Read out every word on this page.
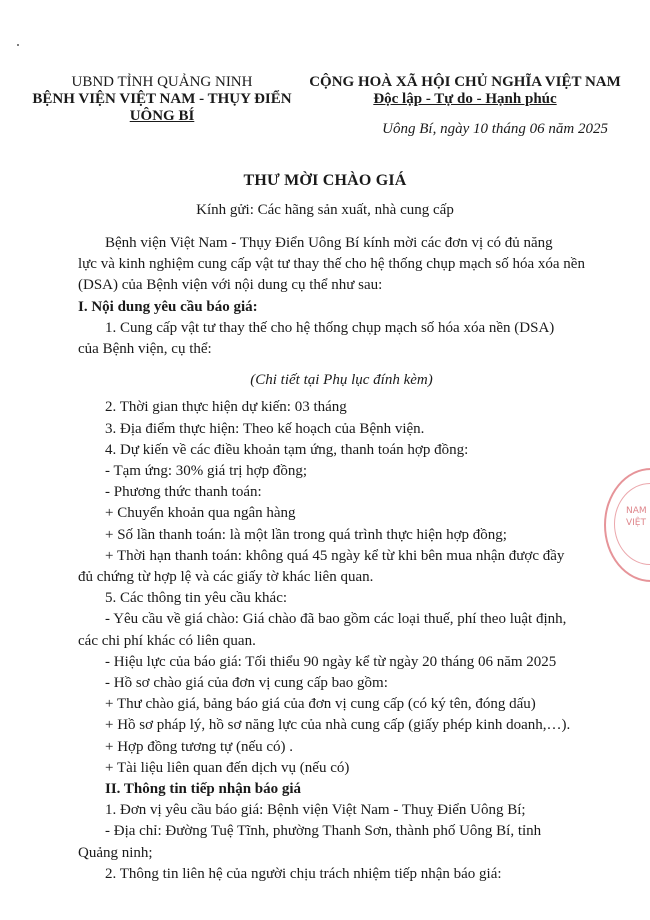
UBND TỈNH QUẢNG NINH
BỆNH VIỆN VIỆT NAM - THỤY ĐIỂN
UÔNG BÍ
CỘNG HOÀ XÃ HỘI CHỦ NGHĨA VIỆT NAM
Độc lập - Tự do - Hạnh phúc
Uông Bí, ngày 10 tháng 06 năm 2025
THƯ MỜI CHÀO GIÁ
Kính gửi: Các hãng sản xuất, nhà cung cấp

Bệnh viện Việt Nam - Thụy Điển Uông Bí kính mời các đơn vị có đủ năng

lực và kinh nghiệm cung cấp vật tư thay thế cho hệ thống chụp mạch số hóa xóa nền

(DSA) của Bệnh viện với nội dung cụ thể như sau:

I. Nội dung yêu cầu báo giá:

1. Cung cấp vật tư thay thế cho hệ thống chụp mạch số hóa xóa nền (DSA)

của Bệnh viện, cụ thể:

(Chi tiết tại Phụ lục đính kèm)

2. Thời gian thực hiện dự kiến: 03 tháng

3. Địa điểm thực hiện: Theo kế hoạch của Bệnh viện.

4. Dự kiến về các điều khoản tạm ứng, thanh toán hợp đồng:

- Tạm ứng: 30% giá trị hợp đồng;

- Phương thức thanh toán:

+ Chuyển khoản qua ngân hàng

+ Số lần thanh toán: là một lần trong quá trình thực hiện hợp đồng;

+ Thời hạn thanh toán: không quá 45 ngày kể từ khi bên mua nhận được đầy

đủ chứng từ hợp lệ và các giấy tờ khác liên quan.

5. Các thông tin yêu cầu khác:

- Yêu cầu về giá chào: Giá chào đã bao gồm các loại thuế, phí theo luật định,

các chi phí khác có liên quan.

- Hiệu lực của báo giá: Tối thiểu 90 ngày kể từ ngày 20 tháng 06 năm 2025

- Hồ sơ chào giá của đơn vị cung cấp bao gồm:

+ Thư chào giá, bảng báo giá của đơn vị cung cấp (có ký tên, đóng dấu)

+ Hồ sơ pháp lý, hồ sơ năng lực của nhà cung cấp (giấy phép kinh doanh,…).

+ Hợp đồng tương tự (nếu có) .

+ Tài liệu liên quan đến dịch vụ (nếu có)

II. Thông tin tiếp nhận báo giá

1. Đơn vị yêu cầu báo giá: Bệnh viện Việt Nam - Thuỵ Điển Uông Bí;

- Địa chỉ: Đường Tuệ Tĩnh, phường Thanh Sơn, thành phố Uông Bí, tỉnh

Quảng ninh;

2. Thông tin liên hệ của người chịu trách nhiệm tiếp nhận báo giá:

NAM
VIỆT
